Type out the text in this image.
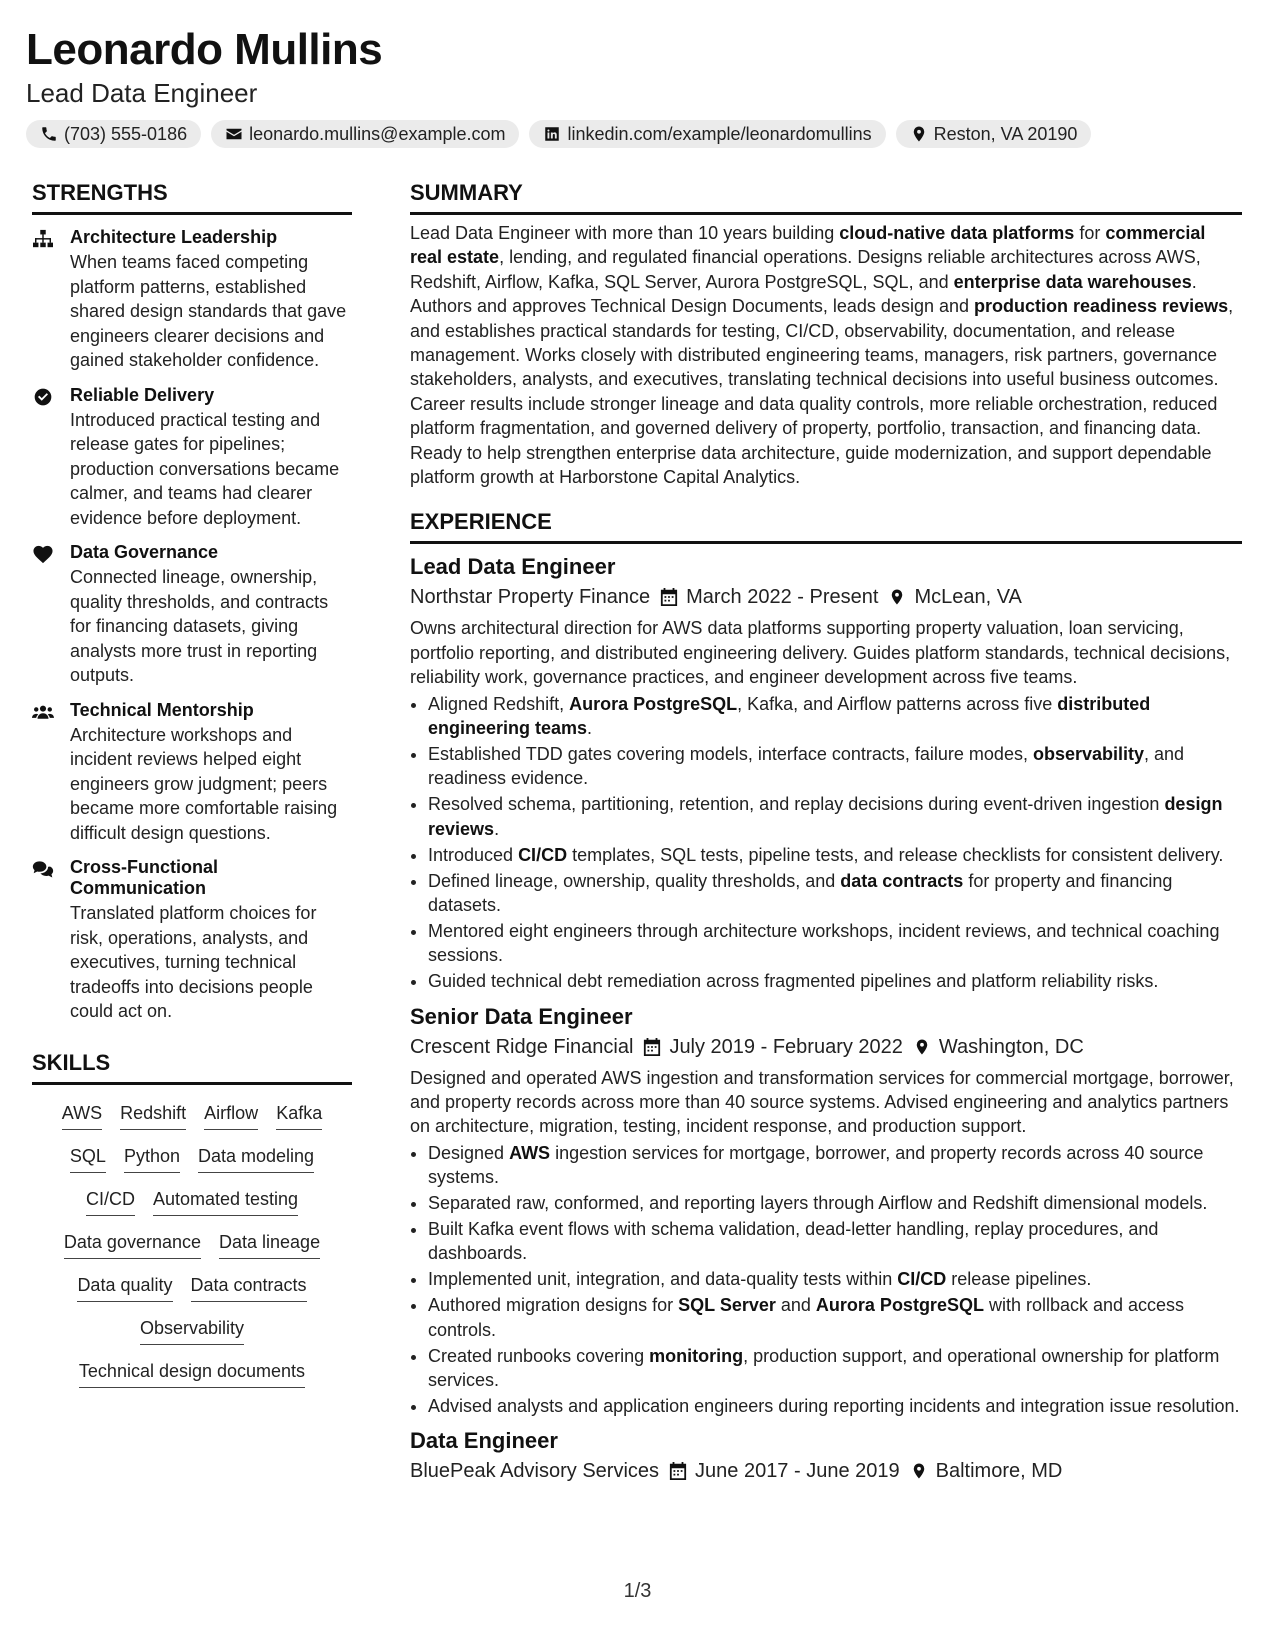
Leonardo Mullins
Lead Data Engineer
(703) 555-0186	leonardo.mullins@example.com	linkedin.com/example/leonardomullins	Reston, VA 20190
STRENGTHS
Architecture Leadership
When teams faced competing platform patterns, established shared design standards that gave engineers clearer decisions and gained stakeholder confidence.
Reliable Delivery
Introduced practical testing and release gates for pipelines; production conversations became calmer, and teams had clearer evidence before deployment.
Data Governance
Connected lineage, ownership, quality thresholds, and contracts for financing datasets, giving analysts more trust in reporting outputs.
Technical Mentorship
Architecture workshops and incident reviews helped eight engineers grow judgment; peers became more comfortable raising difficult design questions.
Cross-Functional Communication
Translated platform choices for risk, operations, analysts, and executives, turning technical tradeoffs into decisions people could act on.
SKILLS
AWS Redshift Airflow Kafka
SQL Python Data modeling
CI/CD Automated testing
Data governance Data lineage
Data quality Data contracts
Observability
Technical design documents
SUMMARY

Lead Data Engineer with more than 10 years building cloud-native data platforms for commercial real estate, lending, and regulated financial operations. Designs reliable architectures across AWS, Redshift, Airflow, Kafka, SQL Server, Aurora PostgreSQL, SQL, and enterprise data warehouses. Authors and approves Technical Design Documents, leads design and production readiness reviews, and establishes practical standards for testing, CI/CD, observability, documentation, and release management. Works closely with distributed engineering teams, managers, risk partners, governance stakeholders, analysts, and executives, translating technical decisions into useful business outcomes. Career results include stronger lineage and data quality controls, more reliable orchestration, reduced platform fragmentation, and governed delivery of property, portfolio, transaction, and financing data. Ready to help strengthen enterprise data architecture, guide modernization, and support dependable platform growth at Harborstone Capital Analytics.

EXPERIENCE
Lead Data Engineer
Northstar Property Finance March 2022 - Present McLean, VA

Owns architectural direction for AWS data platforms supporting property valuation, loan servicing, portfolio reporting, and distributed engineering delivery. Guides platform standards, technical decisions, reliability work, governance practices, and engineer development across five teams.

• Aligned Redshift, Aurora PostgreSQL, Kafka, and Airflow patterns across five distributed engineering teams.
• Established TDD gates covering models, interface contracts, failure modes, observability, and readiness evidence.
• Resolved schema, partitioning, retention, and replay decisions during event-driven ingestion design reviews.
• Introduced CI/CD templates, SQL tests, pipeline tests, and release checklists for consistent delivery.
• Defined lineage, ownership, quality thresholds, and data contracts for property and financing datasets.
• Mentored eight engineers through architecture workshops, incident reviews, and technical coaching sessions.
• Guided technical debt remediation across fragmented pipelines and platform reliability risks.
Senior Data Engineer
Crescent Ridge Financial July 2019 - February 2022 Washington, DC

Designed and operated AWS ingestion and transformation services for commercial mortgage, borrower, and property records across more than 40 source systems. Advised engineering and analytics partners on architecture, migration, testing, incident response, and production support.

• Designed AWS ingestion services for mortgage, borrower, and property records across 40 source systems.
• Separated raw, conformed, and reporting layers through Airflow and Redshift dimensional models.
• Built Kafka event flows with schema validation, dead-letter handling, replay procedures, and dashboards.
• Implemented unit, integration, and data-quality tests within CI/CD release pipelines.
• Authored migration designs for SQL Server and Aurora PostgreSQL with rollback and access controls.
• Created runbooks covering monitoring, production support, and operational ownership for platform services.
• Advised analysts and application engineers during reporting incidents and integration issue resolution.
Data Engineer
BluePeak Advisory Services June 2017 - June 2019 Baltimore, MD
1/3
